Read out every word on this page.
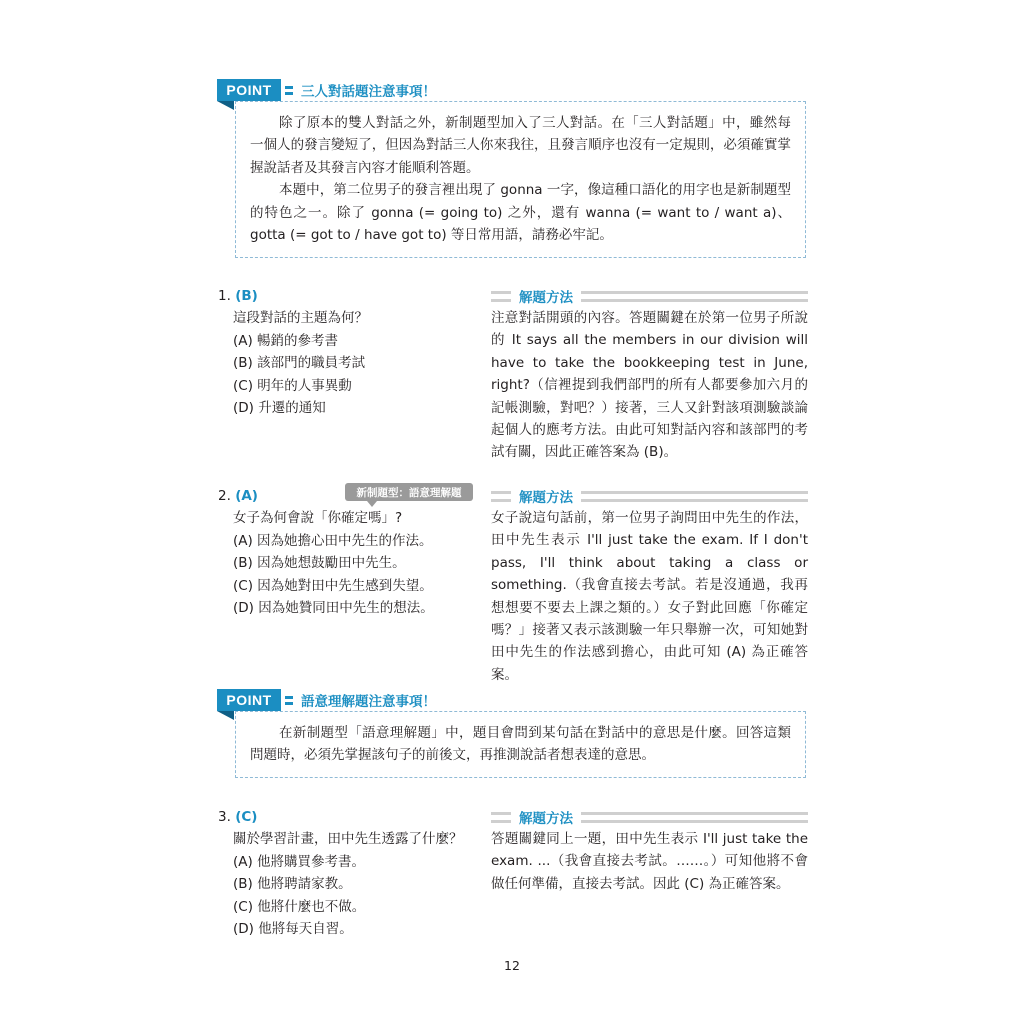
POINT	三人對話題注意事項！

除了原本的雙人對話之外，新制題型加入了三人對話。在「三人對話題」中，雖然每一個人的發言變短了，但因為對話三人你來我往，且發言順序也沒有一定規則，必須確實掌握說話者及其發言內容才能順利答題。

本題中，第二位男子的發言裡出現了 gonna 一字，像這種口語化的用字也是新制題型的特色之一。除了 gonna (= going to) 之外，還有 wanna (= want to / want a)、gotta (= got to / have got to) 等日常用語，請務必牢記。

1. (B)
這段對話的主題為何？
(A) 暢銷的參考書
(B) 該部門的職員考試
(C) 明年的人事異動
(D) 升遷的通知
解題方法
注意對話開頭的內容。答題關鍵在於第一位男子所說的 It says all the members in our division will have to take the bookkeeping test in June, right?（信裡提到我們部門的所有人都要參加六月的記帳測驗，對吧？）接著，三人又針對該項測驗談論起個人的應考方法。由此可知對話內容和該部門的考試有關，因此正確答案為 (B)。
新制題型：語意理解題
2. (A)
女子為何會說「你確定嗎」?
(A) 因為她擔心田中先生的作法。
(B) 因為她想鼓勵田中先生。
(C) 因為她對田中先生感到失望。
(D) 因為她贊同田中先生的想法。
解題方法
女子說這句話前，第一位男子詢問田中先生的作法，田中先生表示 I'll just take the exam. If I don't pass, I'll think about taking a class or something.（我會直接去考試。若是沒通過，我再想想要不要去上課之類的。）女子對此回應「你確定嗎？」接著又表示該測驗一年只舉辦一次，可知她對田中先生的作法感到擔心，由此可知 (A) 為正確答案。
POINT	語意理解題注意事項！

在新制題型「語意理解題」中，題目會問到某句話在對話中的意思是什麼。回答這類問題時，必須先掌握該句子的前後文，再推測說話者想表達的意思。

3. (C)
關於學習計畫，田中先生透露了什麼？
(A) 他將購買參考書。
(B) 他將聘請家教。
(C) 他將什麼也不做。
(D) 他將每天自習。
解題方法
答題關鍵同上一題，田中先生表示 I'll just take the exam. ...（我會直接去考試。……。）可知他將不會做任何準備，直接去考試。因此 (C) 為正確答案。
12
